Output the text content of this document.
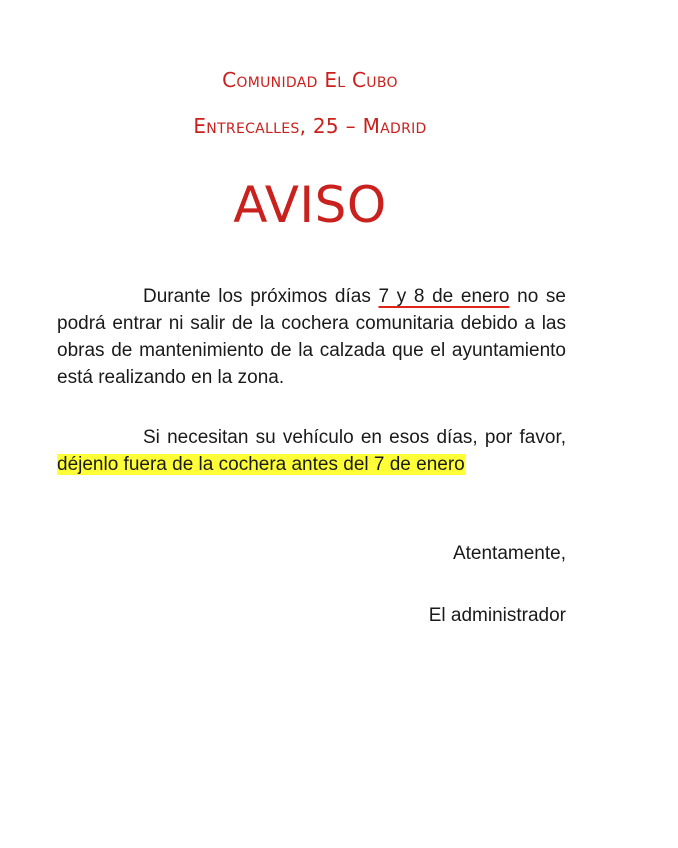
Comunidad El Cubo
Entrecalles, 25 – Madrid
AVISO

Durante los próximos días 7 y 8 de enero no se podrá entrar ni salir de la cochera comunitaria debido a las obras de mantenimiento de la calzada que el ayuntamiento está realizando en la zona.

Si necesitan su vehículo en esos días, por favor, déjenlo fuera de la cochera antes del 7 de enero

Atentamente,
El administrador
